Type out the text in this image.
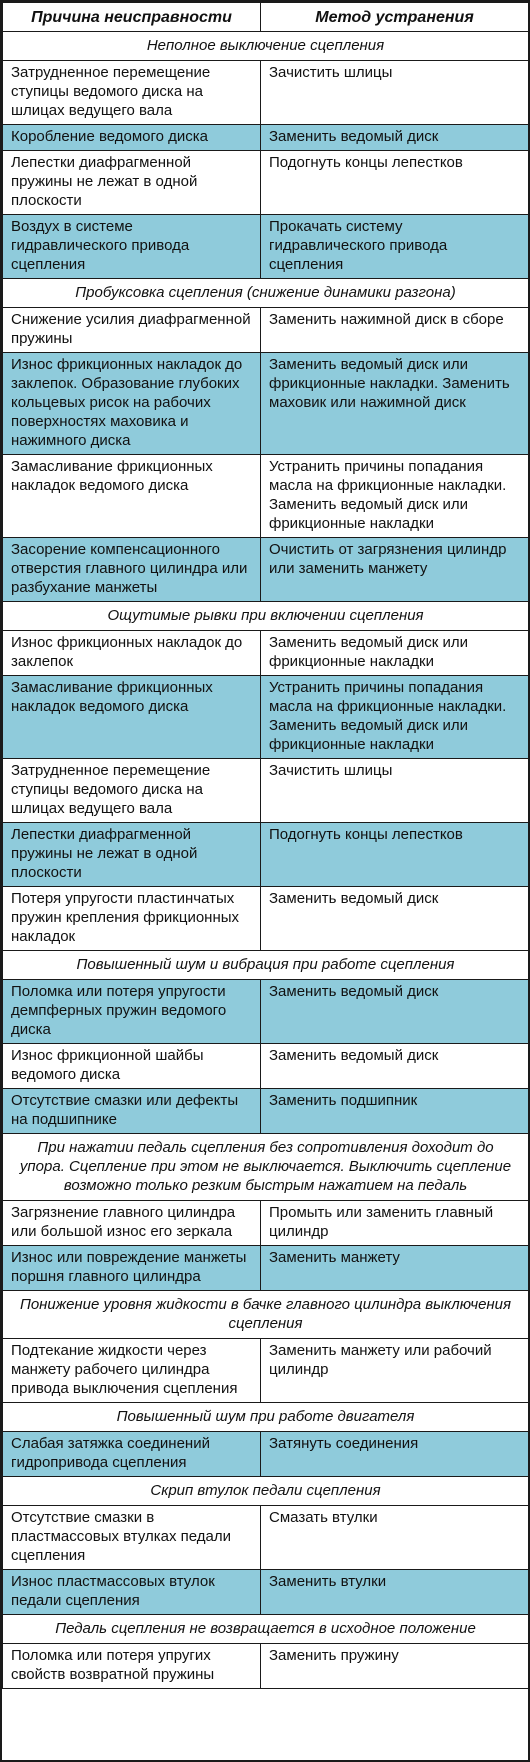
Причина неисправности	Метод устранения
Неполное выключение сцепления	
Затрудненное перемещение ступицы ведомого диска на шлицах ведущего вала	Зачистить шлицы
Коробление ведомого диска	Заменить ведомый диск
Лепестки диафрагменной пружины не лежат в одной плоскости	Подогнуть концы лепестков
Воздух в системе гидравлического привода сцепления	Прокачать систему гидравлического привода сцепления
Пробуксовка сцепления (снижение динамики разгона)	
Снижение усилия диафрагменной пружины	Заменить нажимной диск в сборе
Износ фрикционных накладок до заклепок. Образование глубоких кольцевых рисок на рабочих поверхностях маховика и нажимного диска	Заменить ведомый диск или фрикционные накладки. Заменить маховик или нажимной диск
Замасливание фрикционных накладок ведомого диска	Устранить причины попадания масла на фрикционные накладки. Заменить ведомый диск или фрикционные накладки
Засорение компенсационного отверстия главного цилиндра или разбухание манжеты	Очистить от загрязнения цилиндр или заменить манжету
Ощутимые рывки при включении сцепления	
Износ фрикционных накладок до заклепок	Заменить ведомый диск или фрикционные накладки
Замасливание фрикционных накладок ведомого диска	Устранить причины попадания масла на фрикционные накладки. Заменить ведомый диск или фрикционные накладки
Затрудненное перемещение ступицы ведомого диска на шлицах ведущего вала	Зачистить шлицы
Лепестки диафрагменной пружины не лежат в одной плоскости	Подогнуть концы лепестков
Потеря упругости пластинчатых пружин крепления фрикционных накладок	Заменить ведомый диск
Повышенный шум и вибрация при работе сцепления	
Поломка или потеря упругости демпферных пружин ведомого диска	Заменить ведомый диск
Износ фрикционной шайбы ведомого диска	Заменить ведомый диск
Отсутствие смазки или дефекты на подшипнике	Заменить подшипник
При нажатии педаль сцепления без сопротивления доходит до упора. Сцепление при этом не выключается. Выключить сцепление возможно только резким быстрым нажатием на педаль	
Загрязнение главного цилиндра или большой износ его зеркала	Промыть или заменить главный цилиндр
Износ или повреждение манжеты поршня главного цилиндра	Заменить манжету
Понижение уровня жидкости в бачке главного цилиндра выключения сцепления	
Подтекание жидкости через манжету рабочего цилиндра привода выключения сцепления	Заменить манжету или рабочий цилиндр
Повышенный шум при работе двигателя	
Слабая затяжка соединений гидропривода сцепления	Затянуть соединения
Скрип втулок педали сцепления	
Отсутствие смазки в пластмассовых втулках педали сцепления	Смазать втулки
Износ пластмассовых втулок педали сцепления	Заменить втулки
Педаль сцепления не возвращается в исходное положение	
Поломка или потеря упругих свойств возвратной пружины	Заменить пружину
